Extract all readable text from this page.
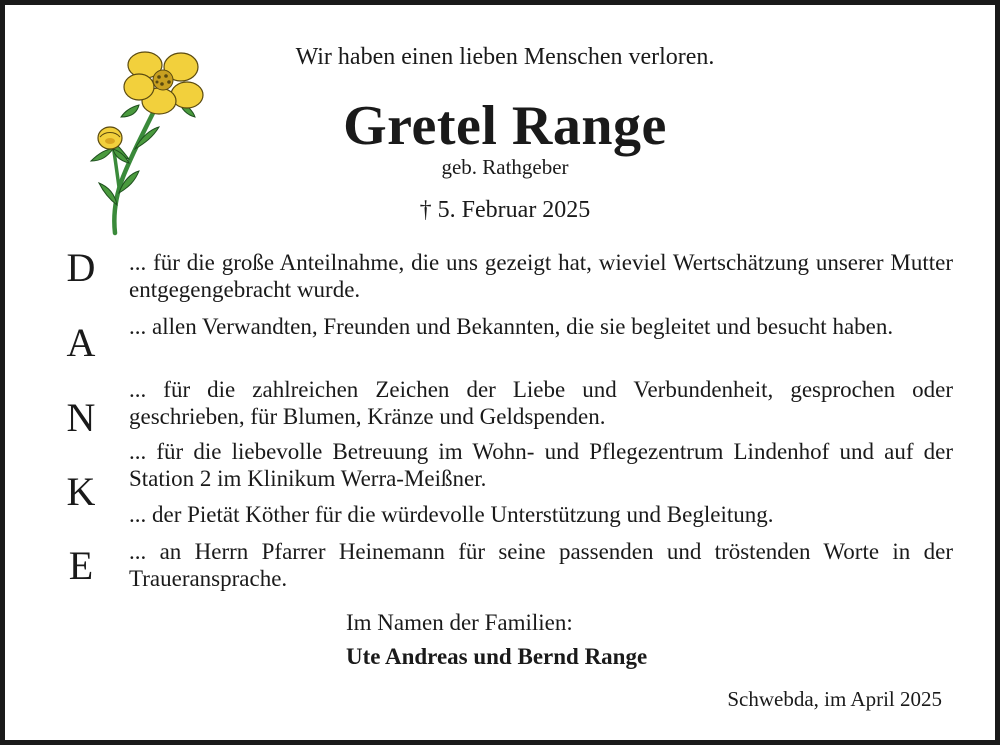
Wir haben einen lieben Menschen verloren.
Gretel Range
geb. Rathgeber
† 5. Februar 2025
D
A
N
K
E
... für die große Anteilnahme, die uns gezeigt hat, wieviel Wertschätzung unserer Mutter entgegengebracht wurde.
... allen Verwandten, Freunden und Bekannten, die sie begleitet und besucht haben.
... für die zahlreichen Zeichen der Liebe und Verbundenheit, gesprochen oder geschrieben, für Blumen, Kränze und Geldspenden.
... für die liebevolle Betreuung im Wohn- und Pflegezentrum Lindenhof und auf der Station 2 im Klinikum Werra-Meißner.
... der Pietät Köther für die würdevolle Unterstützung und Begleitung.
... an Herrn Pfarrer Heinemann für seine passenden und tröstenden Worte in der Traueransprache.
Im Namen der Familien:
Ute Andreas und Bernd Range
Schwebda, im April 2025
